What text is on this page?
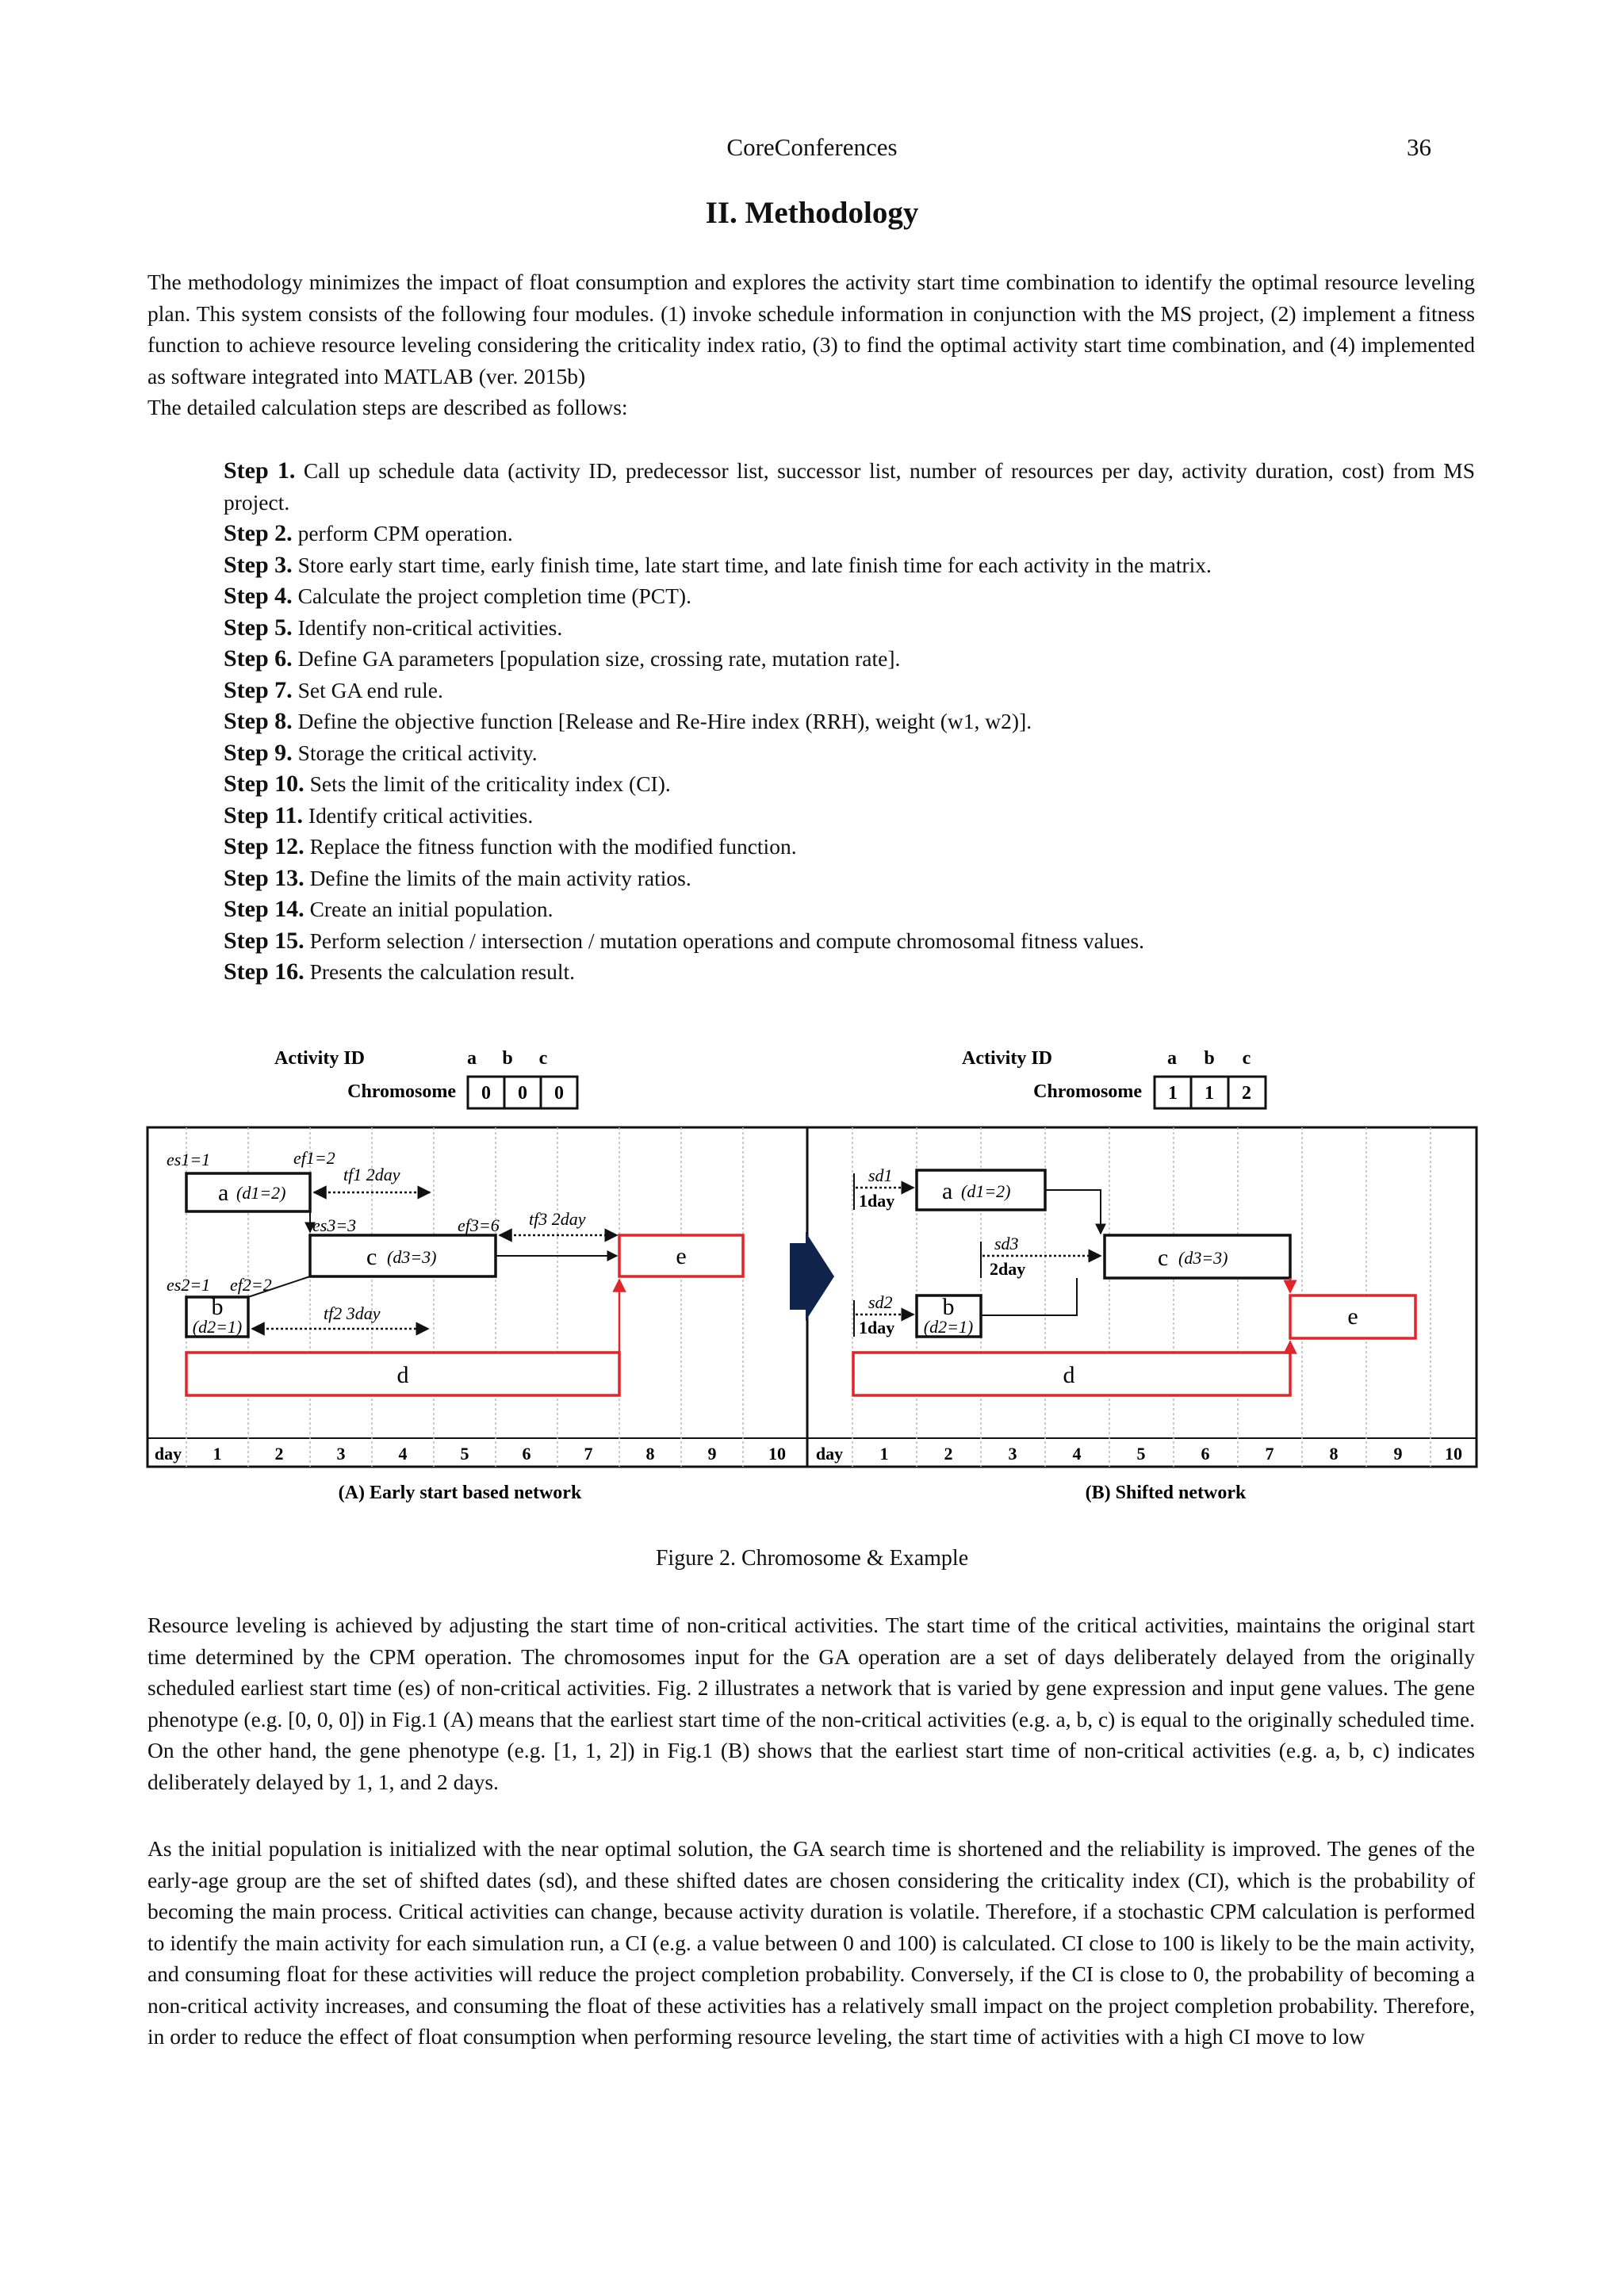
CoreConferences	36
II. Methodology

The methodology minimizes the impact of float consumption and explores the activity start time combination to identify the optimal resource leveling plan. This system consists of the following four modules. (1) invoke schedule information in conjunction with the MS project, (2) implement a fitness function to achieve resource leveling considering the criticality index ratio, (3) to find the optimal activity start time combination, and (4) implemented as software integrated into MATLAB (ver. 2015b)

The detailed calculation steps are described as follows:

Step 1. Call up schedule data (activity ID, predecessor list, successor list, number of resources per day, activity duration, cost) from MS project.
Step 2. perform CPM operation.
Step 3. Store early start time, early finish time, late start time, and late finish time for each activity in the matrix.
Step 4. Calculate the project completion time (PCT).
Step 5. Identify non-critical activities.
Step 6. Define GA parameters [population size, crossing rate, mutation rate].
Step 7. Set GA end rule.
Step 8. Define the objective function [Release and Re-Hire index (RRH), weight (w1, w2)].
Step 9. Storage the critical activity.
Step 10. Sets the limit of the criticality index (CI).
Step 11. Identify critical activities.
Step 12. Replace the fitness function with the modified function.
Step 13. Define the limits of the main activity ratios.
Step 14. Create an initial population.
Step 15. Perform selection / intersection / mutation operations and compute chromosomal fitness values.
Step 16. Presents the calculation result.
Activity ID	a b c
Chromosome 0 0 0
Activity ID	a b c
Chromosome 1 1 2
day 1	2	3	4	5	6	7	8	9	10 day 1	2	3	4	5	6	7	8	9 10
a (d1=2)
es1=1	ef1=2
tf1 2day
c (d3=3)
es3=3	ef3=6 tf3 2day
e
es2=1 ef2=2
b
(d2=1)
tf2 3day
d
sd1
1day a (d1=2)
sd3
2day	c (d3=3)
e
sd2
1day
b
(d2=1)
d
(A) Early start based network	(B) Shifted network
Figure 2. Chromosome & Example

Resource leveling is achieved by adjusting the start time of non-critical activities. The start time of the critical activities, maintains the original start time determined by the CPM operation. The chromosomes input for the GA operation are a set of days deliberately delayed from the originally scheduled earliest start time (es) of non-critical activities. Fig. 2 illustrates a network that is varied by gene expression and input gene values. The gene phenotype (e.g. [0, 0, 0]) in Fig.1 (A) means that the earliest start time of the non-critical activities (e.g. a, b, c) is equal to the originally scheduled time. On the other hand, the gene phenotype (e.g. [1, 1, 2]) in Fig.1 (B) shows that the earliest start time of non-critical activities (e.g. a, b, c) indicates deliberately delayed by 1, 1, and 2 days.

As the initial population is initialized with the near optimal solution, the GA search time is shortened and the reliability is improved. The genes of the early-age group are the set of shifted dates (sd), and these shifted dates are chosen considering the criticality index (CI), which is the probability of becoming the main process. Critical activities can change, because activity duration is volatile. Therefore, if a stochastic CPM calculation is performed to identify the main activity for each simulation run, a CI (e.g. a value between 0 and 100) is calculated. CI close to 100 is likely to be the main activity, and consuming float for these activities will reduce the project completion probability. Conversely, if the CI is close to 0, the probability of becoming a non-critical activity increases, and consuming the float of these activities has a relatively small impact on the project completion probability. Therefore, in order to reduce the effect of float consumption when performing resource leveling, the start time of activities with a high CI move to low
